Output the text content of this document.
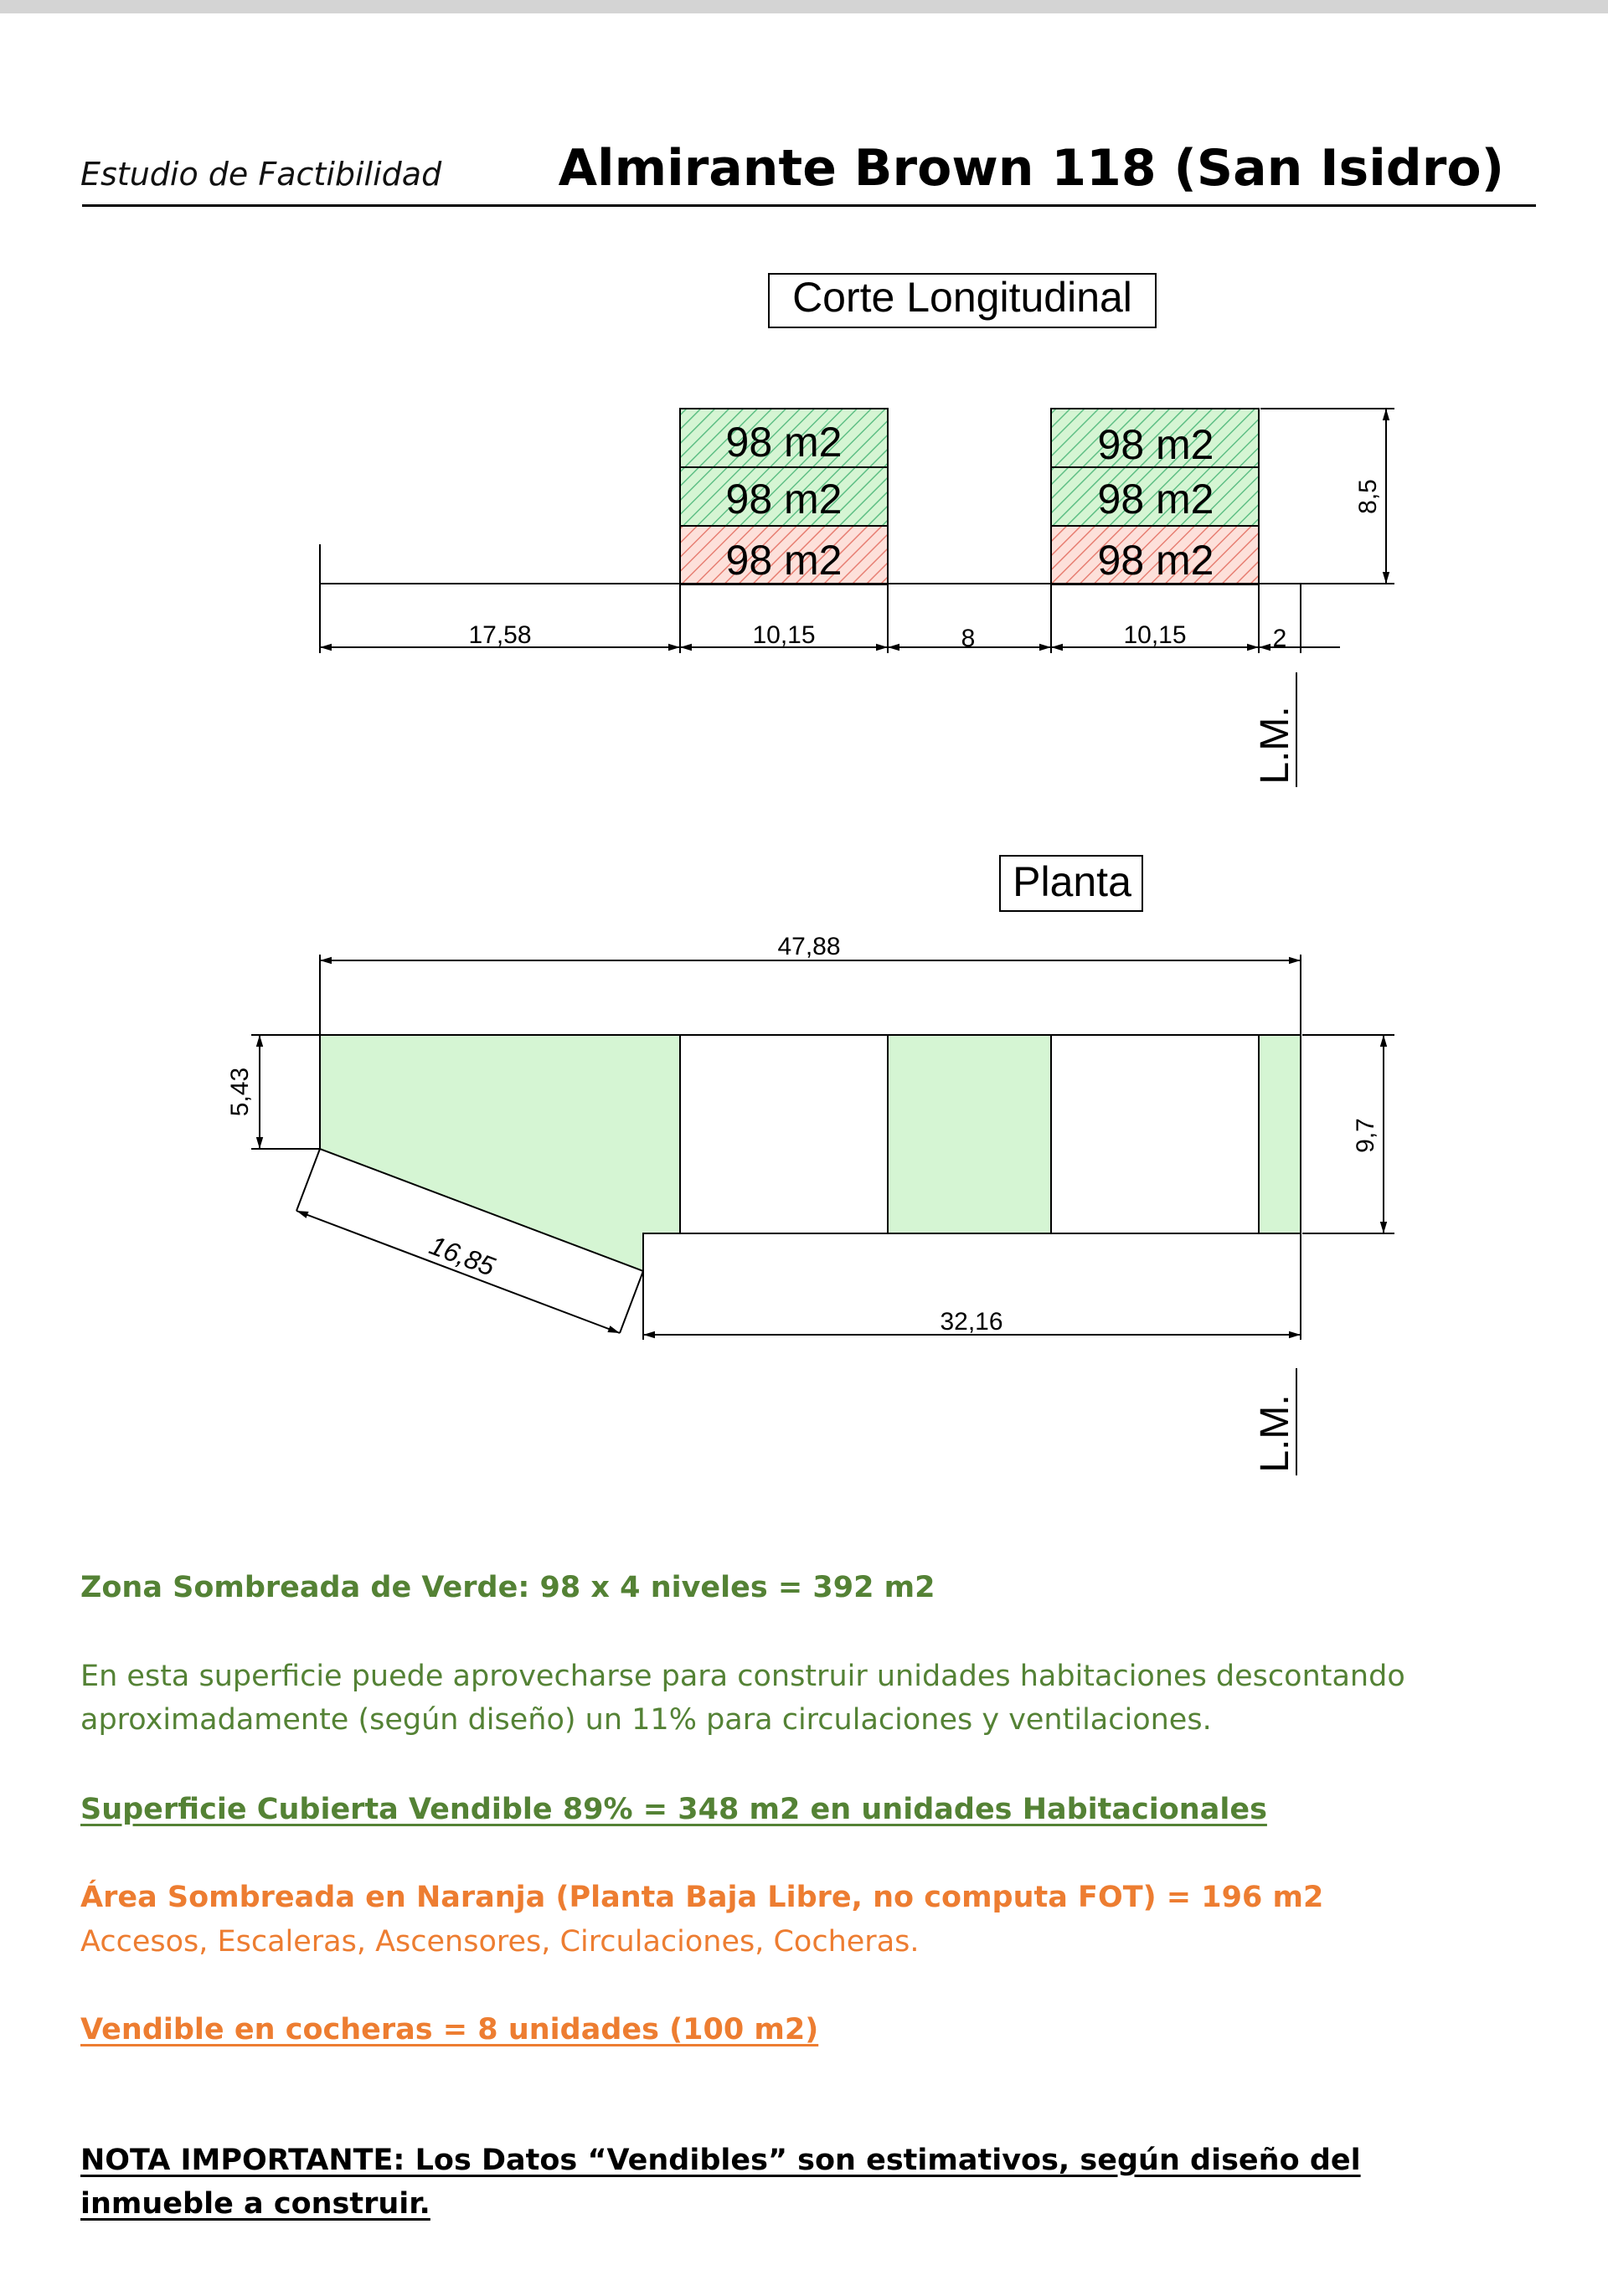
Estudio de Factibilidad Almirante Brown 118 (San Isidro)
Corte Longitudinal
98 m2
98 m2
98 m2
98 m2
98 m2
98 m2
17,58	10,15	8	10,15	2
8,5
L.M.
Planta
47,88
5,43
16,85
32,16
9,7
L.M.
Zona Sombreada de Verde: 98 x 4 niveles = 392 m2
En esta superficie puede aprovecharse para construir unidades habitaciones descontando aproximadamente (según diseño) un 11% para circulaciones y ventilaciones.
Superficie Cubierta Vendible 89% = 348 m2 en unidades Habitacionales
Área Sombreada en Naranja (Planta Baja Libre, no computa FOT) = 196 m2
Accesos, Escaleras, Ascensores, Circulaciones, Cocheras.
Vendible en cocheras = 8 unidades (100 m2)
NOTA IMPORTANTE: Los Datos “Vendibles” son estimativos, según diseño del inmueble a construir.
